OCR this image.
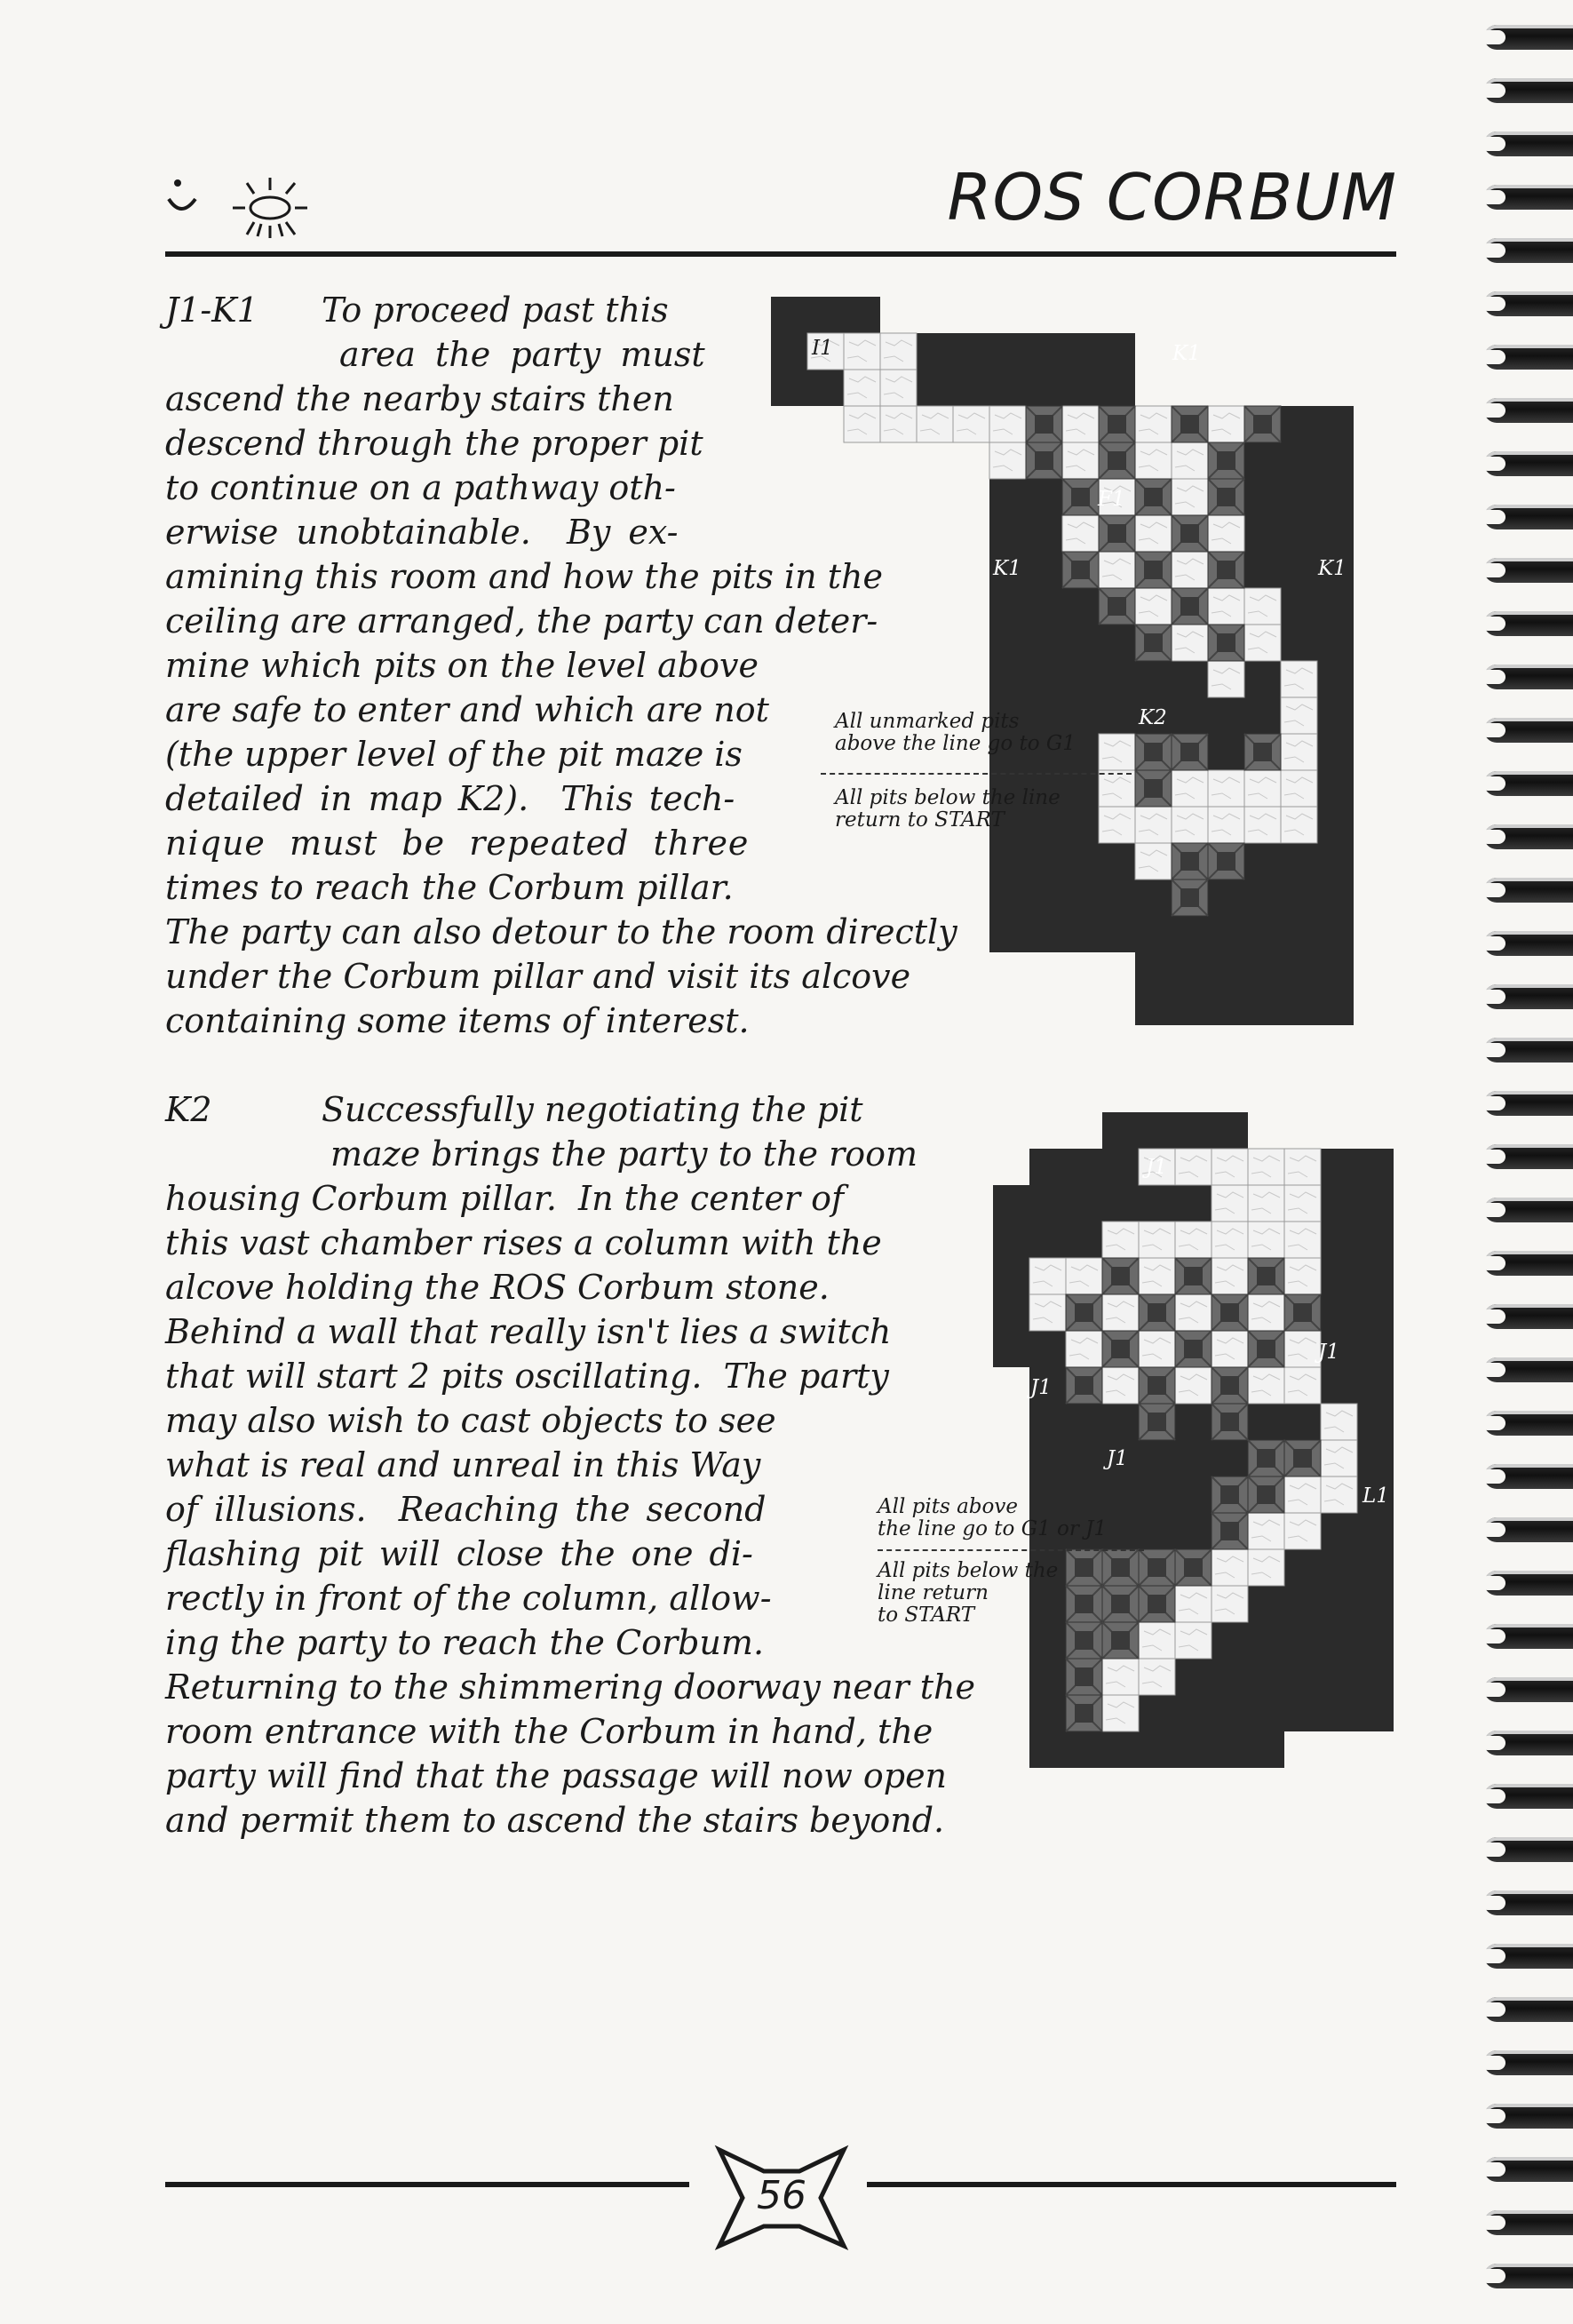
ROS CORBUM
J1-K1 To proceed past this
area the party must
ascend the nearby stairs then
descend through the proper pit
to continue on a pathway oth-
erwise unobtainable.  By ex-
amining this room and how the pits in the
ceiling are arranged, the party can deter-
mine which pits on the level above
are safe to enter and which are not
(the upper level of the pit maze is
detailed in map K2).  This tech-
nique must be repeated three
times to reach the Corbum pillar.
The party can also detour to the room directly
under the Corbum pillar and visit its alcove
containing some items of interest.
I1	K1
F1
K1	K1
K2
All unmarked pits
above the line go to G1
All pits below the line
return to START
K2	Successfully negotiating the pit
maze brings the party to the room
housing Corbum pillar.  In the center of
this vast chamber rises a column with the
alcove holding the ROS Corbum stone.
Behind a wall that really isn't lies a switch
that will start 2 pits oscillating.  The party
may also wish to cast objects to see
what is real and unreal in this Way
of illusions.  Reaching the second
flashing pit will close the one di-
rectly in front of the column, allow-
ing the party to reach the Corbum.
Returning to the shimmering doorway near the
room entrance with the Corbum in hand, the
party will find that the passage will now open
and permit them to ascend the stairs beyond.
J1
J1
J1
J1
L1
All pits above
the line go to G1 or J1
All pits below the
line return
to START
56
